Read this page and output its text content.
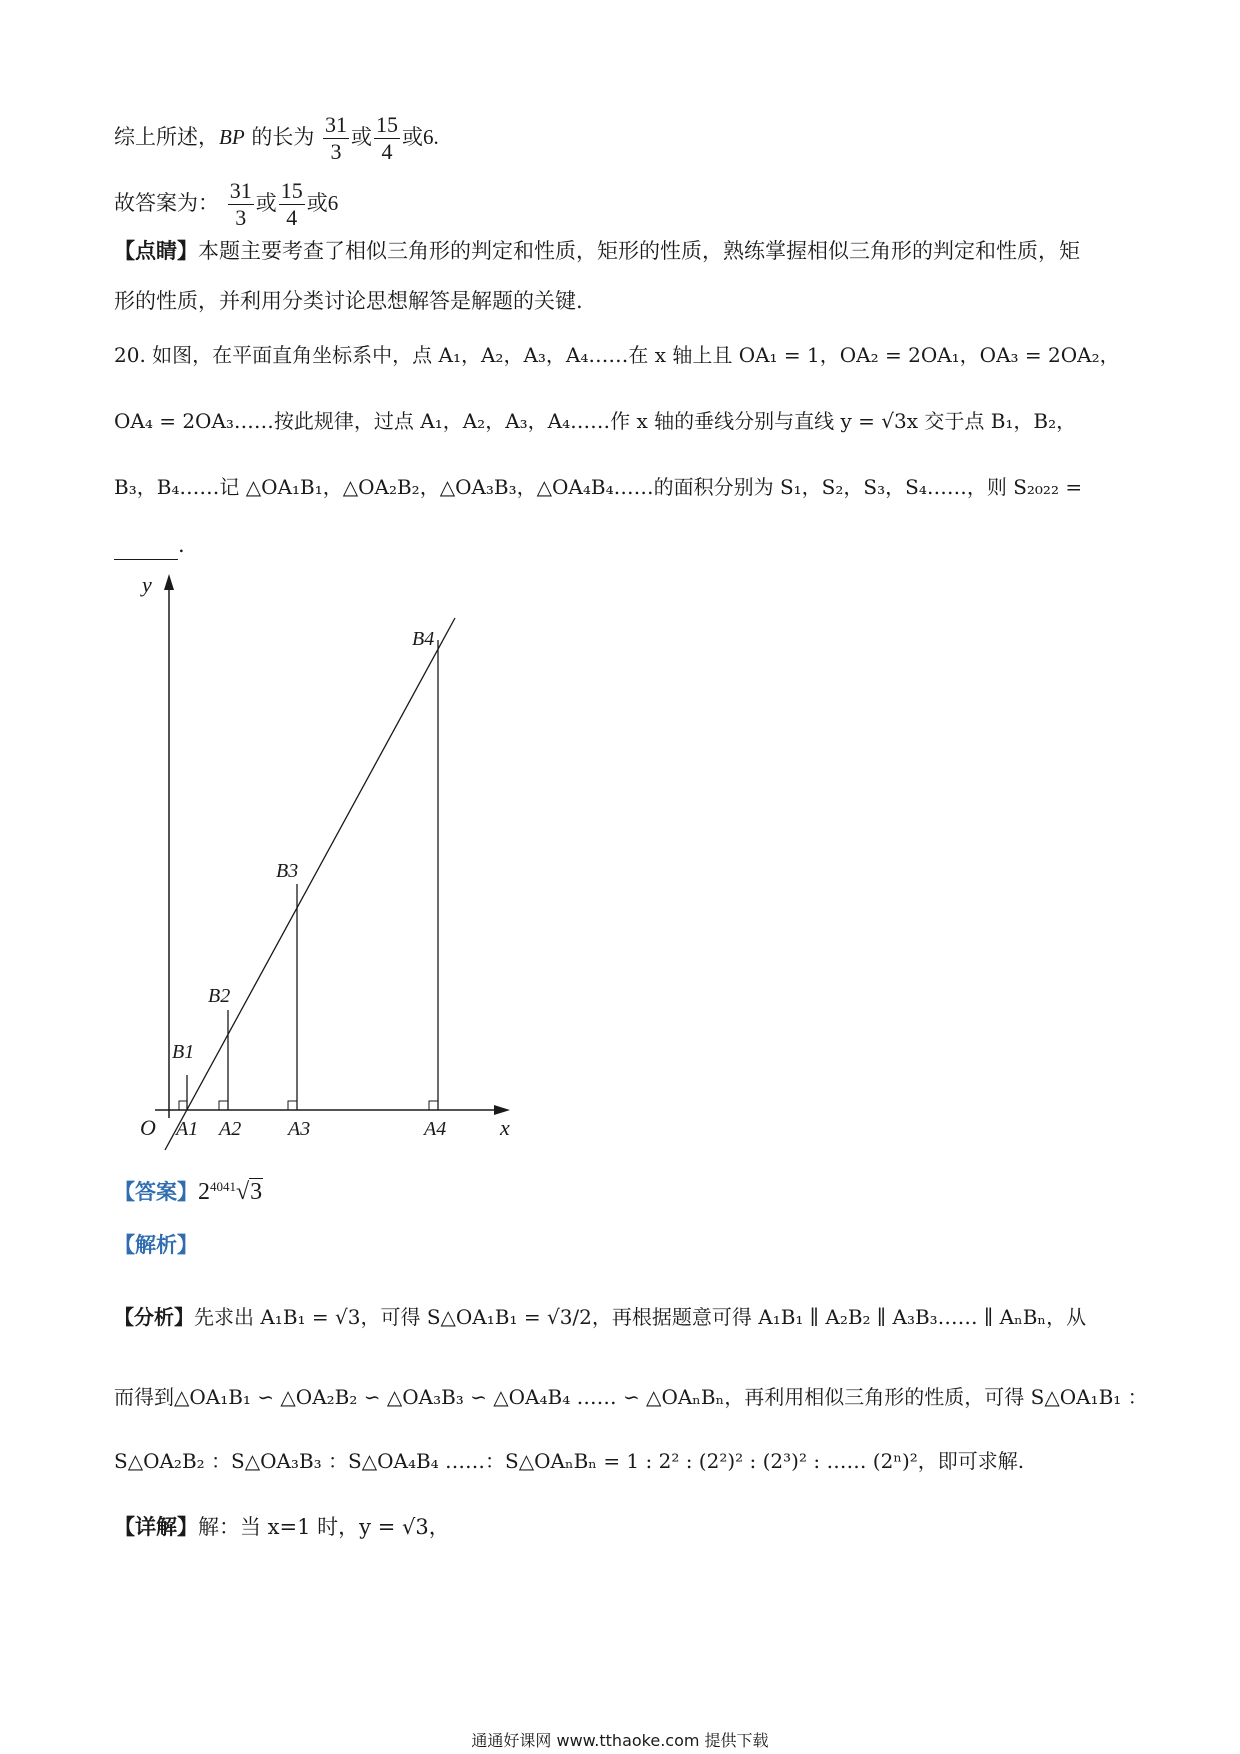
综上所述，BP 的长为 $\frac{31}{3}$ 或 $\frac{15}{4}$ 或6.
故答案为： $\frac{31}{3}$ 或 $\frac{15}{4}$ 或6
【点睛】本题主要考查了相似三角形的判定和性质，矩形的性质，熟练掌握相似三角形的判定和性质，矩
形的性质，并利用分类讨论思想解答是解题的关键.
20. 如图，在平面直角坐标系中，点 A₁，A₂，A₃，A₄……在 x 轴上且 OA₁ = 1，OA₂ = 2OA₁，OA₃ = 2OA₂，
OA₄ = 2OA₃……按此规律，过点 A₁，A₂，A₃，A₄……作 x 轴的垂线分别与直线 y = √3x 交于点 B₁，B₂，
B₃，B₄……记 △OA₁B₁，△OA₂B₂，△OA₃B₃，△OA₄B₄……的面积分别为 S₁，S₂，S₃，S₄……，则 S₂₀₂₂ =
.
y
x
O A1 A2 A3	A4
B1
B2
B3
B4
【答案】$2^{4041}√3$
【解析】
【分析】先求出 A₁B₁ = √3，可得 S△OA₁B₁ = √3/2，再根据题意可得 A₁B₁ ∥ A₂B₂ ∥ A₃B₃…… ∥ AₙBₙ，从
而得到△OA₁B₁ ∽ △OA₂B₂ ∽ △OA₃B₃ ∽ △OA₄B₄ …… ∽ △OAₙBₙ，再利用相似三角形的性质，可得 S△OA₁B₁ ：
S△OA₂B₂ ：S△OA₃B₃ ：S△OA₄B₄ ……：S△OAₙBₙ = 1 : 2² : (2²)² : (2³)² : …… (2ⁿ)²，即可求解.
【详解】解：当 x=1 时，y = √3，
通通好课网 www.tthaoke.com 提供下载
